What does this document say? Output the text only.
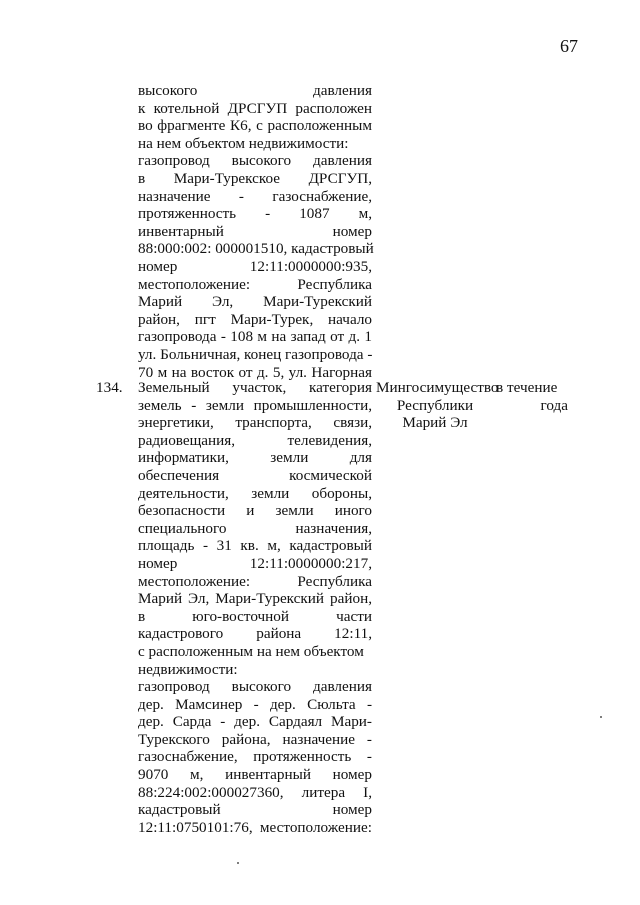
67
высокого давления
к котельной ДРСГУП расположен
во фрагменте К6, с расположенным
на нем объектом недвижимости:
газопровод высокого давления
в Мари-Турекское ДРСГУП,
назначение - газоснабжение,
протяженность - 1087 м,
инвентарный номер
88:000:002: 000001510, кадастровый
номер 12:11:0000000:935,
местоположение: Республика
Марий Эл, Мари-Турекский
район, пгт Мари-Турек, начало
газопровода - 108 м на запад от д. 1
ул. Больничная, конец газопровода -
70 м на восток от д. 5, ул. Нагорная
134. Земельный участок, категория
земель - земли промышленности,
энергетики, транспорта, связи,
радиовещания, телевидения,
информатики, земли для
обеспечения космической
деятельности, земли обороны,
безопасности и земли иного
специального назначения,
площадь - 31 кв. м, кадастровый
номер 12:11:0000000:217,
местоположение: Республика
Марий Эл, Мари-Турекский район,
в юго-восточной части
кадастрового района 12:11,
с расположенным на нем объектом
недвижимости:
газопровод высокого давления
дер. Мамсинер - дер. Сюльта -
дер. Сарда - дер. Сардаял Мари-
Турекского района, назначение -
газоснабжение, протяженность -
9070 м, инвентарный номер
88:224:002:000027360, литера I,
кадастровый номер
12:11:0750101:76, местоположение:
Мингосимущество
Республики
Марий Эл
в течение
года
